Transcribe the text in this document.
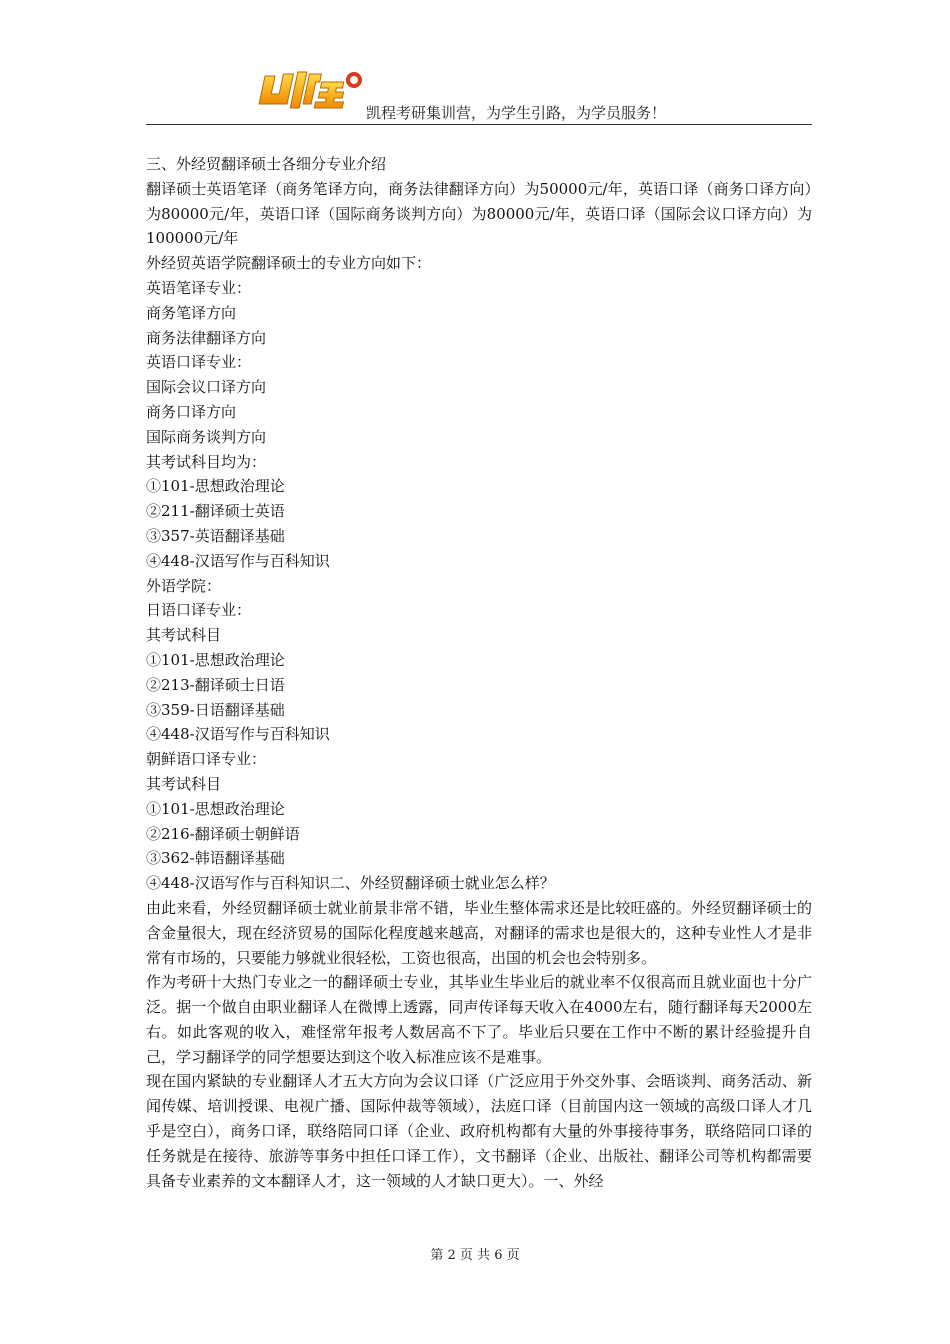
凯程考研集训营，为学生引路，为学员服务！

三、外经贸翻译硕士各细分专业介绍

翻译硕士英语笔译（商务笔译方向，商务法律翻译方向）为50000元/年，英语口译（商务口译方向）为80000元/年，英语口译（国际商务谈判方向）为80000元/年，英语口译（国际会议口译方向）为100000元/年

外经贸英语学院翻译硕士的专业方向如下：

英语笔译专业：

商务笔译方向

商务法律翻译方向

英语口译专业：

国际会议口译方向

商务口译方向

国际商务谈判方向

其考试科目均为：

①101-思想政治理论

②211-翻译硕士英语

③357-英语翻译基础

④448-汉语写作与百科知识

外语学院：

日语口译专业：

其考试科目

①101-思想政治理论

②213-翻译硕士日语

③359-日语翻译基础

④448-汉语写作与百科知识

朝鲜语口译专业：

其考试科目

①101-思想政治理论

②216-翻译硕士朝鲜语

③362-韩语翻译基础

④448-汉语写作与百科知识二、外经贸翻译硕士就业怎么样？

由此来看，外经贸翻译硕士就业前景非常不错，毕业生整体需求还是比较旺盛的。外经贸翻译硕士的含金量很大，现在经济贸易的国际化程度越来越高，对翻译的需求也是很大的，这种专业性人才是非常有市场的，只要能力够就业很轻松，工资也很高，出国的机会也会特别多。

作为考研十大热门专业之一的翻译硕士专业，其毕业生毕业后的就业率不仅很高而且就业面也十分广泛。据一个做自由职业翻译人在微博上透露，同声传译每天收入在4000左右，随行翻译每天2000左右。如此客观的收入，难怪常年报考人数居高不下了。毕业后只要在工作中不断的累计经验提升自己，学习翻译学的同学想要达到这个收入标准应该不是难事。

现在国内紧缺的专业翻译人才五大方向为会议口译（广泛应用于外交外事、会晤谈判、商务活动、新闻传媒、培训授课、电视广播、国际仲裁等领域），法庭口译（目前国内这一领域的高级口译人才几乎是空白），商务口译，联络陪同口译（企业、政府机构都有大量的外事接待事务，联络陪同口译的任务就是在接待、旅游等事务中担任口译工作），文书翻译（企业、出版社、翻译公司等机构都需要具备专业素养的文本翻译人才，这一领域的人才缺口更大）。一、外经

第 2 页 共 6 页
